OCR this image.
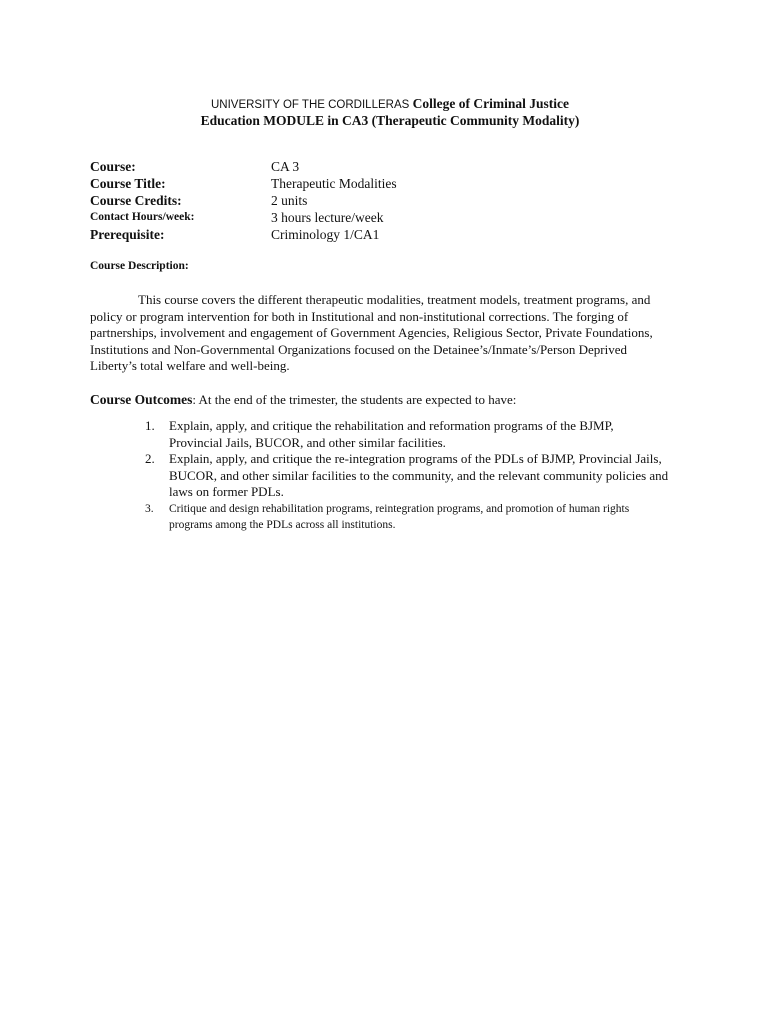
UNIVERSITY OF THE CORDILLERAS College of Criminal Justice Education MODULE in CA3 (Therapeutic Community Modality)
Course:	CA 3
Course Title:	Therapeutic Modalities
Course Credits:	2 units
Contact Hours/week:	3 hours lecture/week
Prerequisite:	Criminology 1/CA1
Course Description:
This course covers the different therapeutic modalities, treatment models, treatment programs, and policy or program intervention for both in Institutional and non-institutional corrections. The forging of partnerships, involvement and engagement of Government Agencies, Religious Sector, Private Foundations, Institutions and Non-Governmental Organizations focused on the Detainee’s/Inmate’s/Person Deprived Liberty’s total welfare and well-being.
Course Outcomes: At the end of the trimester, the students are expected to have:
1.	Explain, apply, and critique the rehabilitation and reformation programs of the BJMP, Provincial Jails, BUCOR, and other similar facilities.
2.	Explain, apply, and critique the re-integration programs of the PDLs of BJMP, Provincial Jails, BUCOR, and other similar facilities to the community, and the relevant community policies and laws on former PDLs.
3.	Critique and design rehabilitation programs, reintegration programs, and promotion of human rights programs among the PDLs across all institutions.
